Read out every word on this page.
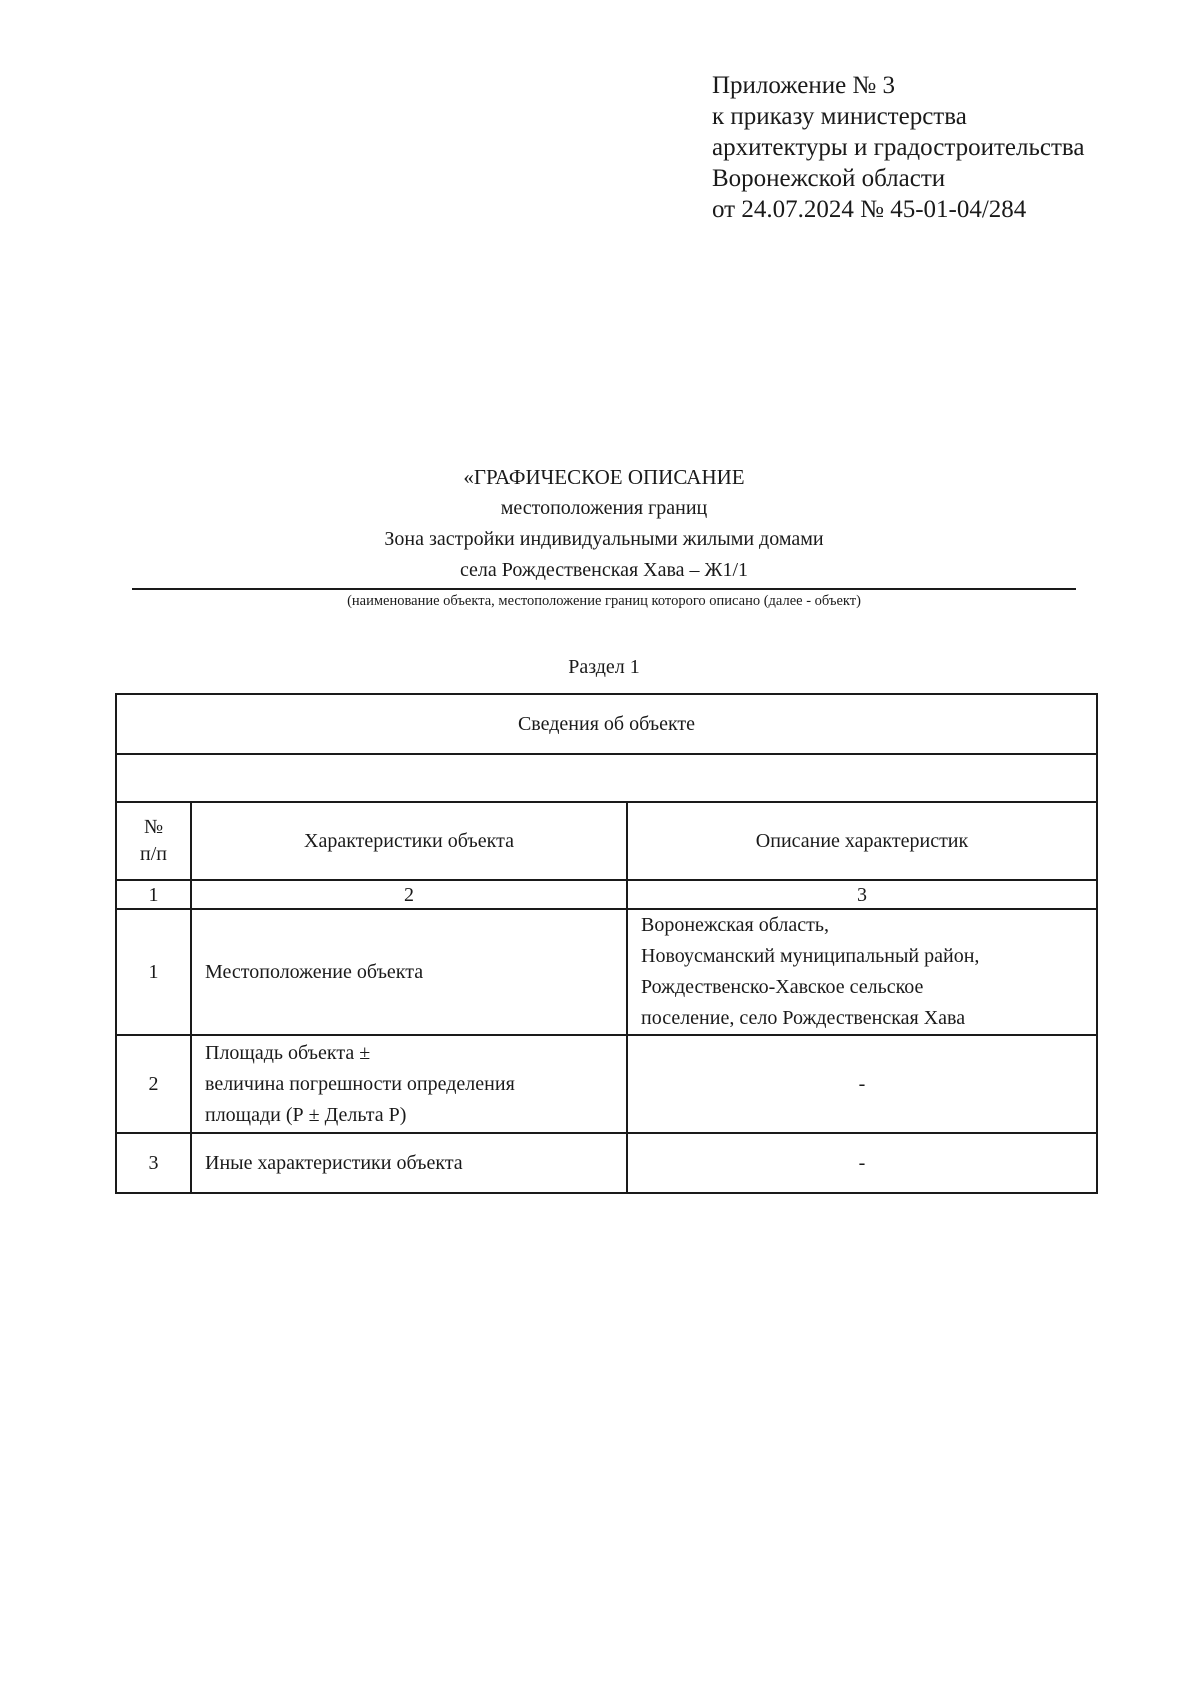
Приложение № 3
к приказу министерства
архитектуры и градостроительства
Воронежской области
от 24.07.2024 № 45-01-04/284
«ГРАФИЧЕСКОЕ ОПИСАНИЕ
местоположения границ
Зона застройки индивидуальными жилыми домами
села Рождественская Хава – Ж1/1
(наименование объекта, местоположение границ которого описано (далее - объект)
Раздел 1
Сведения об объекте		

№
п/п	Характеристики объекта	Описание характеристик
1	2	3
1	Местоположение объекта	Воронежская область,
Новоусманский муниципальный район,
Рождественско-Хавское сельское
поселение, село Рождественская Хава

2	Площадь объекта ±
величина погрешности определения
площади (Р ± Дельта Р)	-
3	Иные характеристики объекта	-
